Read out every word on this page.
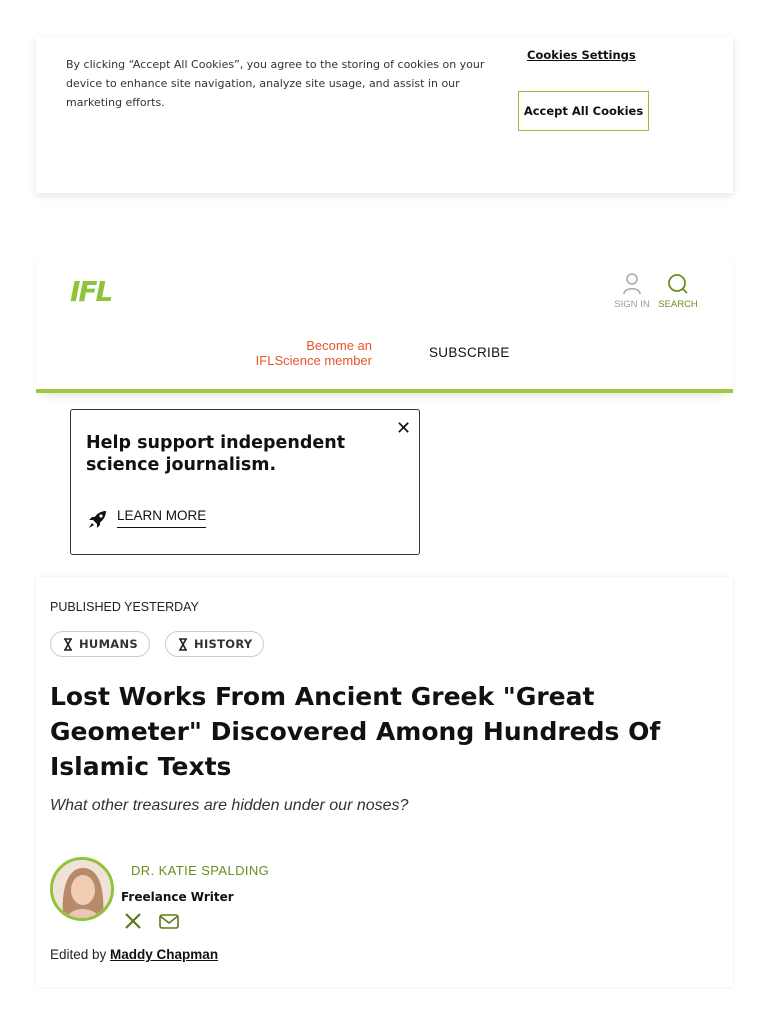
By clicking “Accept All Cookies”, you agree to the storing of cookies on your device to enhance site navigation, analyze site usage, and assist in our marketing efforts.

Cookies Settings
Accept All Cookies
IFL	SIGN IN SEARCH
Become an
IFLScience member
SUBSCRIBE
Help support independent science journalism.
✕
LEARN MORE
PUBLISHED YESTERDAY
HUMANS	HISTORY
Lost Works From Ancient Greek "Great Geometer" Discovered Among Hundreds Of Islamic Texts

What other treasures are hidden under our noses?

DR. KATIE SPALDING
Freelance Writer
Edited by Maddy Chapman
